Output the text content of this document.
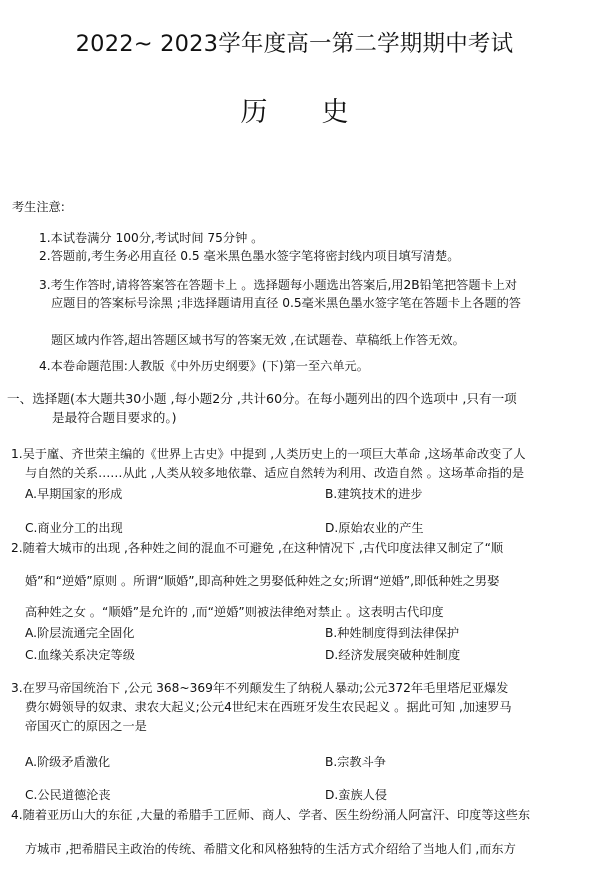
2022~ 2023学年度高一第二学期期中考试
历　　史
考生注意:
1.本试卷满分 100分,考试时间 75分钟 。
2.答题前,考生务必用直径 0.5 毫米黑色墨水签字笔将密封线内项目填写清楚。
3.考生作答时,请将答案答在答题卡上 。选择题每小题选出答案后,用2B铅笔把答题卡上对
应题目的答案标号涂黑 ;非选择题请用直径 0.5毫米黑色墨水签字笔在答题卡上各题的答
题区域内作答,超出答题区域书写的答案无效 ,在试题卷、草稿纸上作答无效。
4.本卷命题范围:人教版《中外历史纲要》(下)第一至六单元。
一、选择题(本大题共30小题 ,每小题2分 ,共计60分。在每小题列出的四个选项中 ,只有一项
是最符合题目要求的。)
1.吴于廑、齐世荣主编的《世界上古史》中提到 ,人类历史上的一项巨大革命 ,这场革命改变了人
与自然的关系……从此 ,人类从较多地依靠、适应自然转为利用、改造自然 。这场革命指的是
A.早期国家的形成	B.建筑技术的进步
C.商业分工的出现	D.原始农业的产生
2.随着大城市的出现 ,各种姓之间的混血不可避免 ,在这种情况下 ,古代印度法律又制定了“顺
婚”和“逆婚”原则 。所谓“顺婚”,即高种姓之男娶低种姓之女;所谓“逆婚”,即低种姓之男娶
高种姓之女 。“顺婚”是允许的 ,而“逆婚”则被法律绝对禁止 。这表明古代印度
A.阶层流通完全固化	B.种姓制度得到法律保护
C.血缘关系决定等级	D.经济发展突破种姓制度
3.在罗马帝国统治下 ,公元 368~369年不列颠发生了纳税人暴动;公元372年毛里塔尼亚爆发
费尔姆领导的奴隶、隶农大起义;公元4世纪末在西班牙发生农民起义 。据此可知 ,加速罗马
帝国灭亡的原因之一是
A.阶级矛盾激化	B.宗教斗争
C.公民道德沦丧	D.蛮族人侵
4.随着亚历山大的东征 ,大量的希腊手工匠师、商人、学者、医生纷纷涌人阿富汗、印度等这些东
方城市 ,把希腊民主政治的传统、希腊文化和风格独特的生活方式介绍给了当地人们 ,而东方
